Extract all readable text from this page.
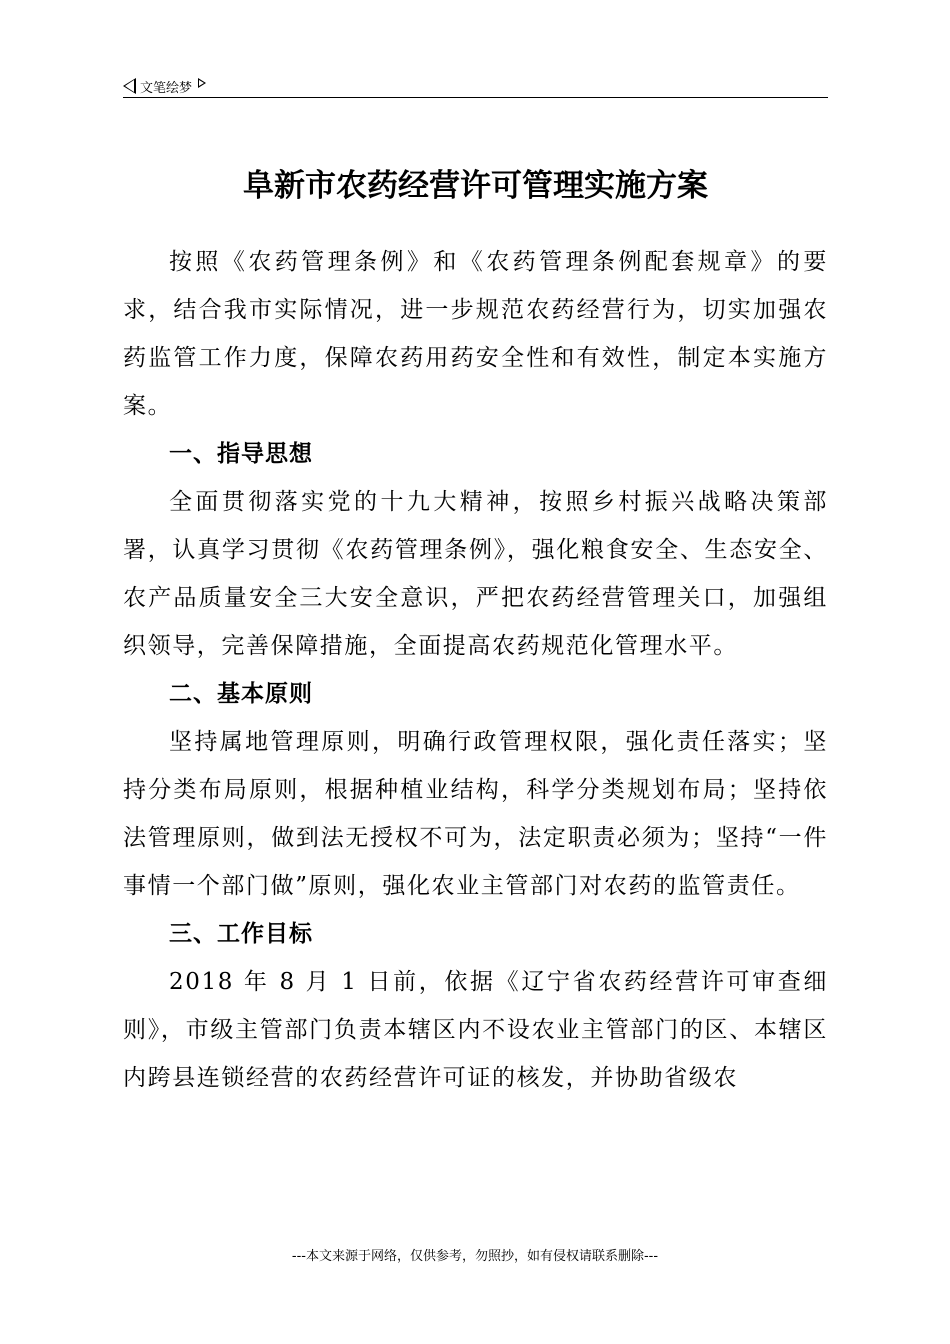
文笔绘梦
阜新市农药经营许可管理实施方案

按照《农药管理条例》和《农药管理条例配套规章》的要求，结合我市实际情况，进一步规范农药经营行为，切实加强农药监管工作力度，保障农药用药安全性和有效性，制定本实施方案。

一、指导思想

全面贯彻落实党的十九大精神，按照乡村振兴战略决策部署，认真学习贯彻《农药管理条例》，强化粮食安全、生态安全、农产品质量安全三大安全意识，严把农药经营管理关口，加强组织领导，完善保障措施，全面提高农药规范化管理水平。

二、基本原则

坚持属地管理原则，明确行政管理权限，强化责任落实；坚持分类布局原则，根据种植业结构，科学分类规划布局；坚持依法管理原则，做到法无授权不可为，法定职责必须为；坚持“一件事情一个部门做”原则，强化农业主管部门对农药的监管责任。

三、工作目标

2018 年 8 月 1 日前，依据《辽宁省农药经营许可审查细则》，市级主管部门负责本辖区内不设农业主管部门的区、本辖区内跨县连锁经营的农药经营许可证的核发，并协助省级农

---本文来源于网络，仅供参考，勿照抄，如有侵权请联系删除---
